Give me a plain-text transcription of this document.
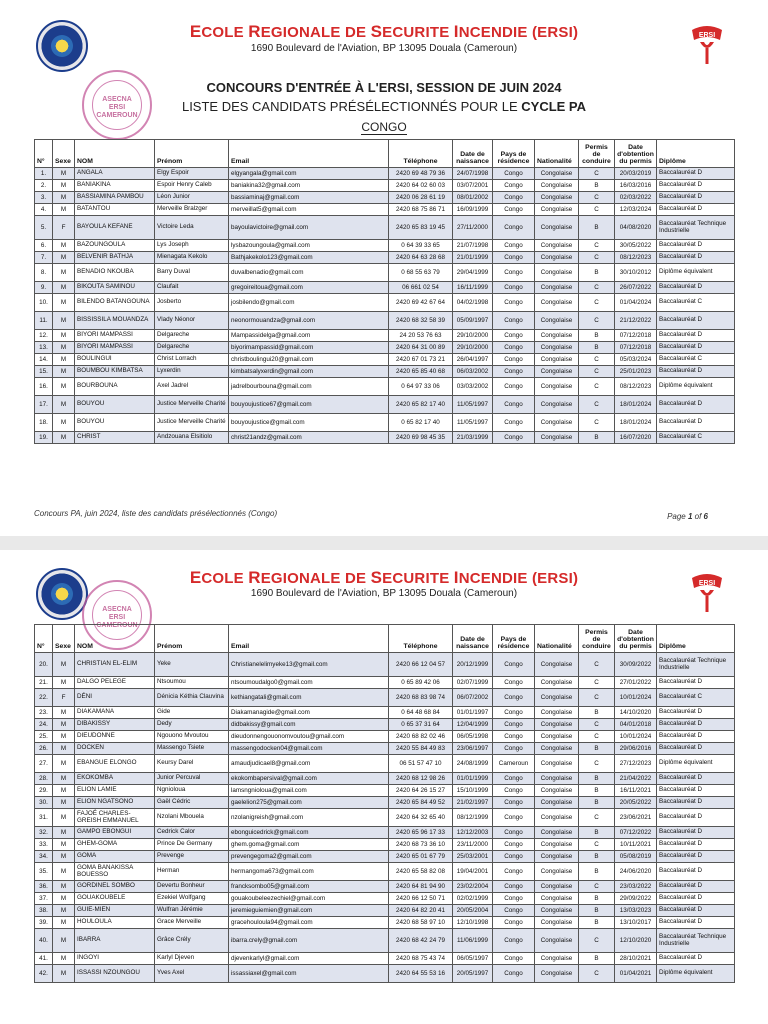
ECOLE REGIONALE DE SECURITE INCENDIE (ERSI)
1690 Boulevard de l'Aviation, BP 13095 Douala (Cameroun)
ERSI
ASECNA
ERSI
CAMEROUN
CONCOURS D'ENTRÉE À L'ERSI, SESSION DE JUIN 2024
LISTE DES CANDIDATS PRÉSÉLECTIONNÉS POUR LE CYCLE PA
CONGO
N°	Sexe	NOM	Prénom	Email	Téléphone	Date de naissance	Pays de résidence	Nationalité	Permis de conduire	Date d'obtention du permis	Diplôme
1.	M	ANGALA	Elgy Espoir	elgyangala@gmail.com	2420 69 48 79 36	24/07/1998	Congo	Congolaise	C	20/03/2019	Baccalauréat D
2.	M	BANIAKINA	Espoir Henry Caleb	baniakina32@gmail.com	2420 64 02 60 03	03/07/2001	Congo	Congolaise	B	16/03/2016	Baccalauréat D
3.	M	BASSIAMINA PAMBOU	Léon Junior	bassiaminaj@gmail.com	2420 06 28 61 19	08/01/2002	Congo	Congolaise	C	02/03/2022	Baccalauréat D
4.	M	BATANTOU	Merveille Bralzger	merveillat5@gmail.com	2420 68 75 86 71	16/09/1999	Congo	Congolaise	C	12/03/2024	Baccalauréat D
5.	F	BAYOULA KEFANE	Victoire Leda	bayoulavictoire@gmail.com	2420 65 83 19 45	27/11/2000	Congo	Congolaise	B	04/08/2020	Baccalauréat Technique Industrielle
6.	M	BAZOUNGOULA	Lys Joseph	lysbazoungoula@gmail.com	0 64 39 33 65	21/07/1998	Congo	Congolaise	C	30/05/2022	Baccalauréat D
7.	M	BELVENIR BATHJA	Mienagata Kekolo	Bathjakekolo123@gmail.com	2420 64 63 28 68	21/01/1999	Congo	Congolaise	C	08/12/2023	Baccalauréat D
8.	M	BENADIO NKOUBA	Barry Duval	duvalbenadio@gmail.com	0 68 55 63 79	29/04/1999	Congo	Congolaise	B	30/10/2012	Diplôme équivalent
9.	M	BIKOUTA SAMINOU	Claufait	gregoireitoua@gmail.com	06 661 02 54	16/11/1999	Congo	Congolaise	C	26/07/2022	Baccalauréat D
10.	M	BILENDO BATANGOUNA	Josberto	josbilendo@gmail.com	2420 69 42 67 64	04/02/1998	Congo	Congolaise	C	01/04/2024	Baccalauréat C
11.	M	BISSISSILA MOUANDZA	Vlady Néonor	neonormouandza@gmail.com	2420 68 32 58 39	05/09/1997	Congo	Congolaise	C	21/12/2022	Baccalauréat D
12.	M	BIYORI MAMPASSI	Delgareche	Mampassidelga@gmail.com	24 20 53 76 63	29/10/2000	Congo	Congolaise	B	07/12/2018	Baccalauréat D
13.	M	BIYORI MAMPASSI	Delgareche	biyorimampassid@gmail.com	2420 64 31 00 89	29/10/2000	Congo	Congolaise	B	07/12/2018	Baccalauréat D
14.	M	BOULINGUI	Christ Lorrach	christboulingui20@gmail.com	2420 67 01 73 21	26/04/1997	Congo	Congolaise	C	05/03/2024	Baccalauréat C
15.	M	BOUMBOU KIMBATSA	Lyxerdin	kimbatsalyxerdin@gmail.com	2420 65 85 40 68	06/03/2002	Congo	Congolaise	C	25/01/2023	Baccalauréat D
16.	M	BOURBOUNA	Axel Jadrel	jadrelbourbouna@gmail.com	0 64 97 33 06	03/03/2002	Congo	Congolaise	C	08/12/2023	Diplôme équivalent
17.	M	BOUYOU	Justice Merveille Charité	bouyoujustice67@gmail.com	2420 65 82 17 40	11/05/1997	Congo	Congolaise	C	18/01/2024	Baccalauréat D
18.	M	BOUYOU	Justice Merveille Charité	bouyoujustice@gmail.com	0 65 82 17 40	11/05/1997	Congo	Congolaise	C	18/01/2024	Baccalauréat D
19.	M	CHRIST	Andzouana Elsitiolo	christ21andz@gmail.com	2420 69 98 45 35	21/03/1999	Congo	Congolaise	B	16/07/2020	Baccalauréat C
Concours PA, juin 2024, liste des candidats présélectionnés (Congo)	Page 1 of 6
ECOLE REGIONALE DE SECURITE INCENDIE (ERSI)
1690 Boulevard de l'Aviation, BP 13095 Douala (Cameroun)
ERSI
ASECNA
ERSI
CAMEROUN
N°	Sexe	NOM	Prénom	Email	Téléphone	Date de naissance	Pays de résidence	Nationalité	Permis de conduire	Date d'obtention du permis	Diplôme
20.	M	CHRISTIAN EL-ELIM	Yeke	Christianelelimyeke13@gmail.com	2420 66 12 04 57	20/12/1999	Congo	Congolaise	C	30/09/2022	Baccalauréat Technique Industrielle
21.	M	DALGO PELEGE	Ntsoumou	ntsoumoudalgo0@gmail.com	0 65 89 42 06	02/07/1999	Congo	Congolaise	C	27/01/2022	Baccalauréat D
22.	F	DÉNI	Dénicia Kéthia Clauvina	kethiangatali@gmail.com	2420 68 83 98 74	06/07/2002	Congo	Congolaise	C	10/01/2024	Baccalauréat C
23.	M	DIAKAMANA	Gide	Diakamanagide@gmail.com	0 64 48 68 84	01/01/1997	Congo	Congolaise	B	14/10/2020	Baccalauréat D
24.	M	DIBAKISSY	Dedy	didbakissy@gmail.com	0 65 37 31 64	12/04/1999	Congo	Congolaise	C	04/01/2018	Baccalauréat D
25.	M	DIEUDONNE	Ngouono Mvoutou	dieudonnengouonomvoutou@gmail.com	2420 68 82 02 46	06/05/1998	Congo	Congolaise	C	10/01/2024	Baccalauréat D
26.	M	DOCKEN	Massengo Tsiete	massengodocken04@gmail.com	2420 55 84 49 83	23/06/1997	Congo	Congolaise	B	29/06/2016	Baccalauréat D
27.	M	EBANGUE ELONGO	Keursy Darel	amaudjudicael8@gmail.com	06 51 57 47 10	24/08/1999	Cameroun	Congolaise	C	27/12/2023	Diplôme équivalent
28.	M	EKOKOMBA	Junior Percuval	ekokombapersival@gmail.com	2420 68 12 98 26	01/01/1999	Congo	Congolaise	B	21/04/2022	Baccalauréat D
29.	M	ELION LAMIE	Ngnioloua	lamsngnioloua@gmail.com	2420 64 26 15 27	15/10/1999	Congo	Congolaise	B	16/11/2021	Baccalauréat D
30.	M	ELION NGATSONO	Gaël Cédric	gaelelion275@gmail.com	2420 65 84 49 52	21/02/1997	Congo	Congolaise	B	20/05/2022	Baccalauréat D
31.	M	FAJOÉ CHARLES-GREISH EMMANUEL	Nzolani Mbouela	nzolanigreish@gmail.com	2420 64 32 65 40	08/12/1999	Congo	Congolaise	C	23/06/2021	Baccalauréat D
32.	M	GAMPO EBONGUI	Cedrick Calor	ebonguicedrick@gmail.com	2420 65 96 17 33	12/12/2003	Congo	Congolaise	B	07/12/2022	Baccalauréat D
33.	M	GHEM-GOMA	Prince De Germany	ghem.goma@gmail.com	2420 68 73 36 10	23/11/2000	Congo	Congolaise	C	10/11/2021	Baccalauréat D
34.	M	GOMA	Prevenge	prevengegoma2@gmail.com	2420 65 01 67 79	25/03/2001	Congo	Congolaise	B	05/08/2019	Baccalauréat D
35.	M	GOMA BANAKISSA BOUESSO	Herman	hermangoma673@gmail.com	2420 65 58 82 08	19/04/2001	Congo	Congolaise	B	24/06/2020	Baccalauréat D
36.	M	GORDINEL SOMBO	Devertu Bonheur	francksombo05@gmail.com	2420 64 81 94 90	23/02/2004	Congo	Congolaise	C	23/03/2022	Baccalauréat D
37.	M	GOUAKOUBELE	Ezekiel Wolfgang	gouakoubeleezechiel@gmail.com	2420 66 12 50 71	02/02/1999	Congo	Congolaise	B	29/09/2022	Baccalauréat D
38.	M	GUIE-MIEN	Wulfran Jérémie	jeremieguiemien@gmail.com	2420 64 82 20 41	20/05/2004	Congo	Congolaise	B	13/03/2023	Baccalauréat D
39.	M	HOULOULA	Grace Merveille	gracehouloula94@gmail.com	2420 68 58 97 10	12/10/1998	Congo	Congolaise	B	13/10/2017	Baccalauréat D
40.	M	IBARRA	Grâce Crély	ibarra.crely@gmail.com	2420 68 42 24 79	11/06/1999	Congo	Congolaise	C	12/10/2020	Baccalauréat Technique Industrielle
41.	M	INGOYI	Karlyl Djeven	djevenkarlyl@gmail.com	2420 68 75 43 74	06/05/1997	Congo	Congolaise	B	28/10/2021	Baccalauréat D
42.	M	ISSASSI NZOUNGOU	Yves Axel	issassiaxel@gmail.com	2420 64 55 53 16	20/05/1997	Congo	Congolaise	C	01/04/2021	Diplôme équivalent
